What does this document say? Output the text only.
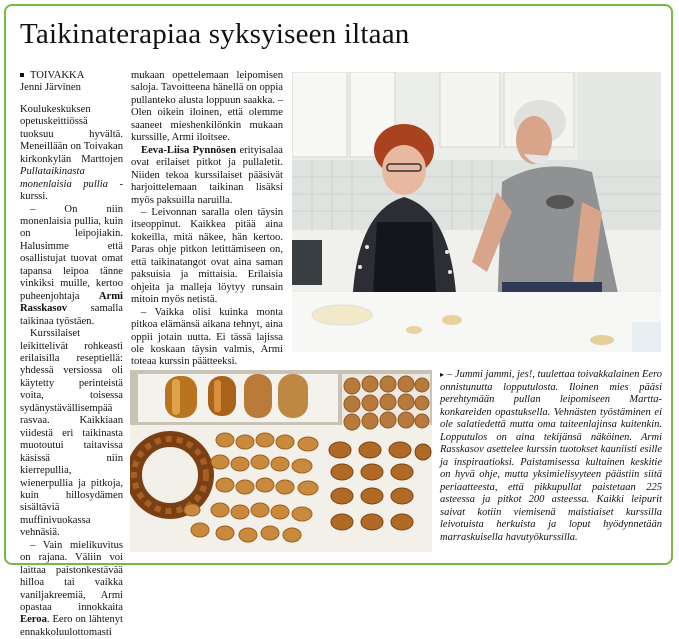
Taikinaterapiaa syksyiseen iltaan

TOIVAKKA
Jenni Järvinen

Koulukeskuksen opetuskeittiössä tuoksuu hyvältä. Meneillään on Toivakan kirkonkylän Marttojen Pullataikinasta monenlaisia pullia -kurssi.

– On niin monenlaisia pullia, kuin on leipojiakin. Halusimme että osallistujat tuovat omat tapansa leipoa tänne vinkiksi muille, kertoo puheenjohtaja Armi Rasskasov samalla taikinaa työstäen.

Kurssilaiset leikittelivät rohkeasti erilaisilla reseptiellä: yhdessä versiossa oli käytetty perinteistä voita, toisessa sydänystävällisempää rasvaa. Kaikkiaan viidestä eri taikinasta muotoutui taitavissa käsissä niin kierrepullia, wienerpullia ja pitkoja, kuin hillosydämen sisältäviä muffinivuokassa vehnäsiä.

– Vain mielikuvitus on rajana. Väliin voi laittaa paistonkestävää hilloa tai vaikka vaniljakreemiä, Armi opastaa innokkaita Eeroa. Eero on lähtenyt ennakkoluulottomasti

mukaan opettelemaan leipomisen saloja. Tavoitteena hänellä on oppia pullanteko alusta loppuun saakka. – Olen oikein iloinen, että olemme saaneet mieshenkilönkin mukaan kurssille, Armi iloitsee.

Eeva-Liisa Pynnösen erityisalaa ovat erilaiset pitkot ja pullaletit. Niiden tekoa kurssilaiset pääsivät harjoittelemaan taikinan lisäksi myös paksuilla naruilla.

– Leivonnan saralla olen täysin itseoppinut. Kaikkea pitää aina kokeilla, mitä näkee, hän kertoo. Paras ohje pitkon letittämiseen on, että taikinatangot ovat aina saman paksuisia ja mittaisia. Erilaisia ohjeita ja malleja löytyy runsain mitoin myös netistä.

– Vaikka olisi kuinka monta pitkoa elämänsä aikana tehnyt, aina oppii jotain uutta. Ei tässä lajissa ole koskaan täysin valmis, Armi toteaa kurssin päätteeksi.

▸ – Jummi jammi, jes!, tuulettaa toivakkalainen Eero onnistunutta lopputulosta. Iloinen mies pääsi perehtymään pullan leipomiseen Martta-konkareiden opastuksella. Vehnästen työstäminen ei ole salatiedettä mutta oma taiteenlajinsa kuitenkin. Lopputulos on aina tekijänsä näköinen. Armi Rasskasov asettelee kurssin tuotokset kauniisti esille ja inspiraatioksi. Paistamisessa kultainen keskitie on hyvä ohje, mutta yksimielisyyteen päästiin siitä periaatteesta, että pikkupullat paistetaan 225 asteessa ja pitkot 200 asteessa. Kaikki leipurit saivat kotiin viemisenä maistiaiset kurssilla leivotuista herkuista ja loput hyödynnetään marraskuisella havutyökurssilla.
